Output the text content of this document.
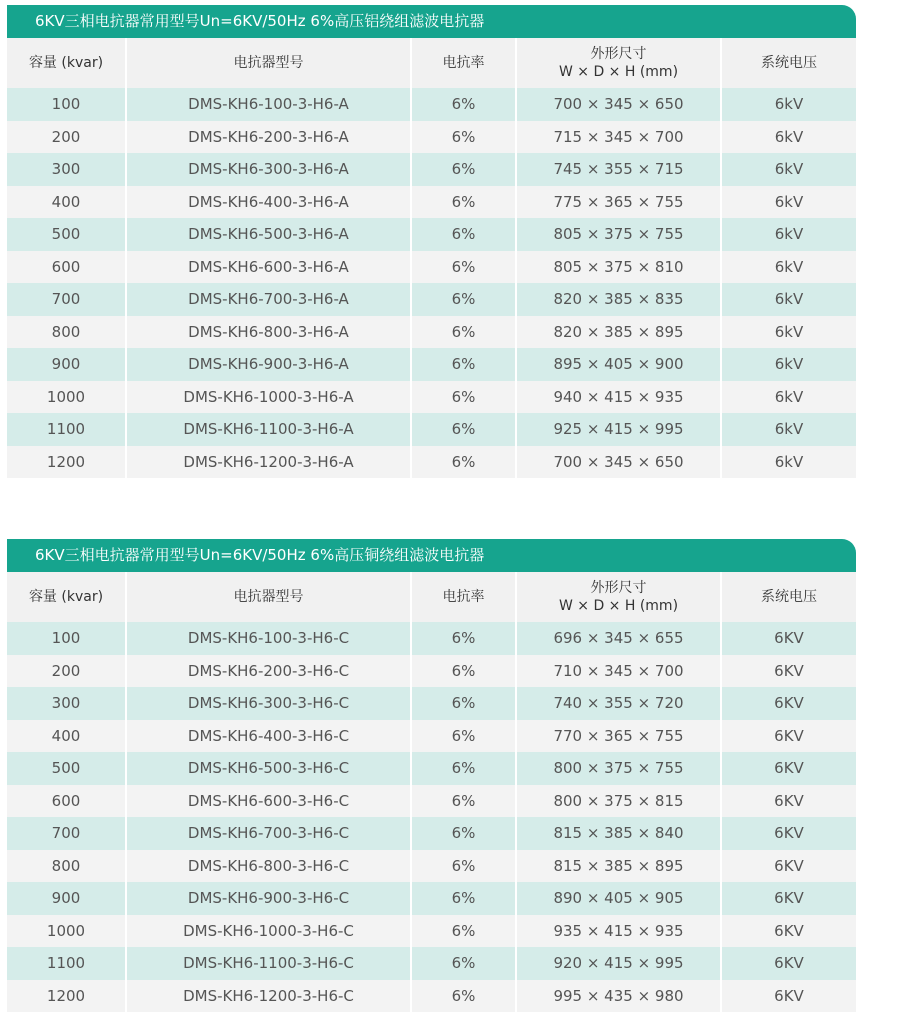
6KV三相电抗器常用型号Un=6KV/50Hz 6%高压铝绕组滤波电抗器
容量 (kvar)	电抗器型号	电抗率	外形尺寸
W × D × H (mm)	系统电压
100	DMS-KH6-100-3-H6-A	6%	700 × 345 × 650	6kV
200	DMS-KH6-200-3-H6-A	6%	715 × 345 × 700	6kV
300	DMS-KH6-300-3-H6-A	6%	745 × 355 × 715	6kV
400	DMS-KH6-400-3-H6-A	6%	775 × 365 × 755	6kV
500	DMS-KH6-500-3-H6-A	6%	805 × 375 × 755	6kV
600	DMS-KH6-600-3-H6-A	6%	805 × 375 × 810	6kV
700	DMS-KH6-700-3-H6-A	6%	820 × 385 × 835	6kV
800	DMS-KH6-800-3-H6-A	6%	820 × 385 × 895	6kV
900	DMS-KH6-900-3-H6-A	6%	895 × 405 × 900	6kV
1000	DMS-KH6-1000-3-H6-A	6%	940 × 415 × 935	6kV
1100	DMS-KH6-1100-3-H6-A	6%	925 × 415 × 995	6kV
1200	DMS-KH6-1200-3-H6-A	6%	700 × 345 × 650	6kV
6KV三相电抗器常用型号Un=6KV/50Hz 6%高压铜绕组滤波电抗器
容量 (kvar)	电抗器型号	电抗率	外形尺寸
W × D × H (mm)	系统电压
100	DMS-KH6-100-3-H6-C	6%	696 × 345 × 655	6KV
200	DMS-KH6-200-3-H6-C	6%	710 × 345 × 700	6KV
300	DMS-KH6-300-3-H6-C	6%	740 × 355 × 720	6KV
400	DMS-KH6-400-3-H6-C	6%	770 × 365 × 755	6KV
500	DMS-KH6-500-3-H6-C	6%	800 × 375 × 755	6KV
600	DMS-KH6-600-3-H6-C	6%	800 × 375 × 815	6KV
700	DMS-KH6-700-3-H6-C	6%	815 × 385 × 840	6KV
800	DMS-KH6-800-3-H6-C	6%	815 × 385 × 895	6KV
900	DMS-KH6-900-3-H6-C	6%	890 × 405 × 905	6KV
1000	DMS-KH6-1000-3-H6-C	6%	935 × 415 × 935	6KV
1100	DMS-KH6-1100-3-H6-C	6%	920 × 415 × 995	6KV
1200	DMS-KH6-1200-3-H6-C	6%	995 × 435 × 980	6KV
